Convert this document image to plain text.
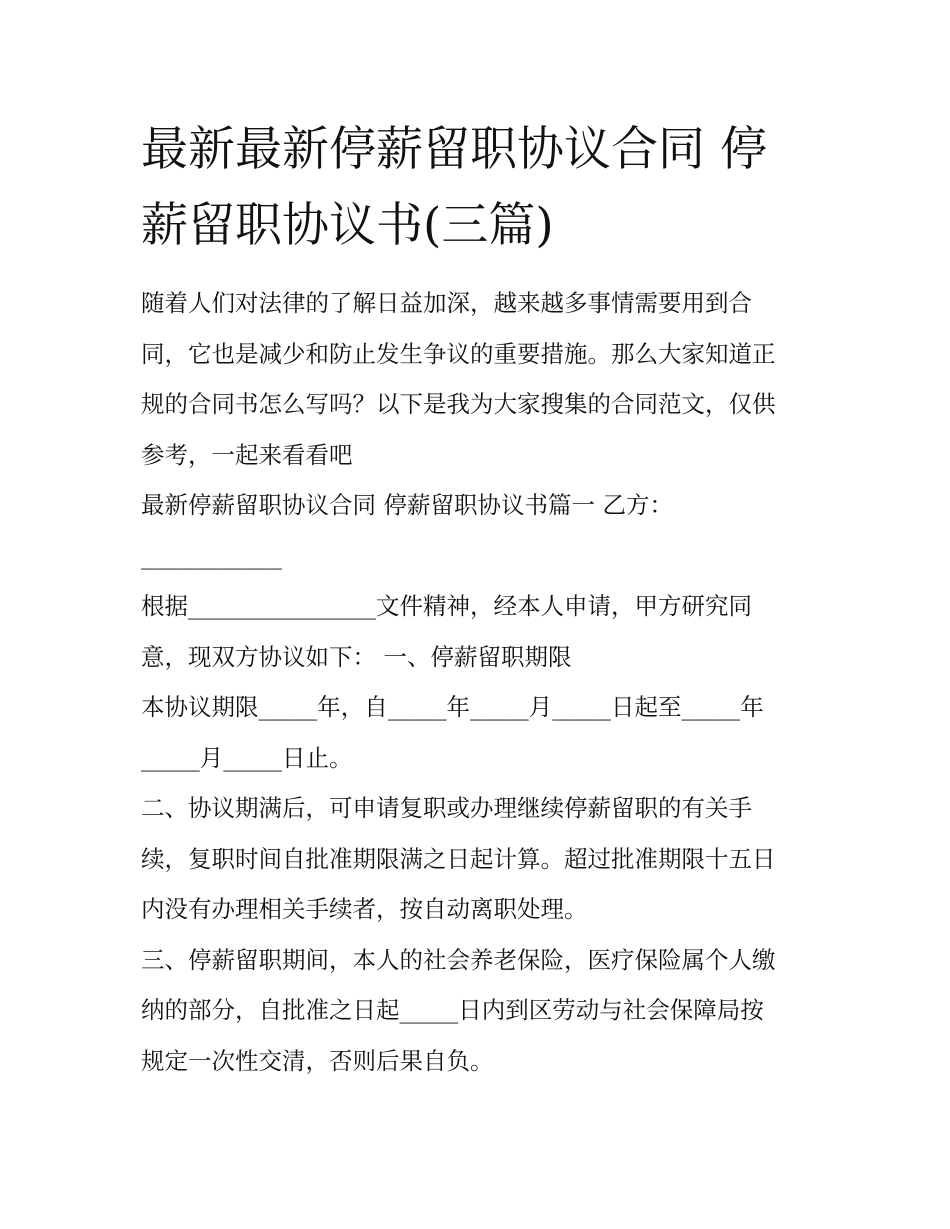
最新最新停薪留职协议合同 停
薪留职协议书(三篇)

随着人们对法律的了解日益加深，越来越多事情需要用到合

同，它也是减少和防止发生争议的重要措施。那么大家知道正

规的合同书怎么写吗？以下是我为大家搜集的合同范文，仅供

参考，一起来看看吧

最新停薪留职协议合同 停薪留职协议书篇一 乙方：

____________

根据________________文件精神，经本人申请，甲方研究同

意，现双方协议如下： 一、停薪留职期限

本协议期限_____年，自_____年_____月_____日起至_____年

_____月_____日止。

二、协议期满后，可申请复职或办理继续停薪留职的有关手

续，复职时间自批准期限满之日起计算。超过批准期限十五日

内没有办理相关手续者，按自动离职处理。

三、停薪留职期间，本人的社会养老保险，医疗保险属个人缴

纳的部分，自批准之日起_____日内到区劳动与社会保障局按

规定一次性交清，否则后果自负。
